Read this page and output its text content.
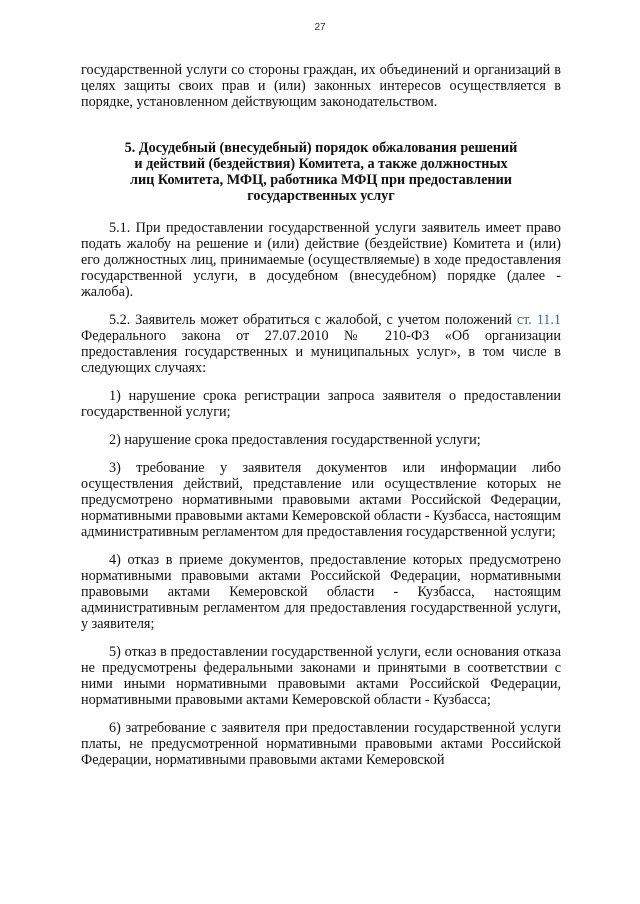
27

государственной услуги со стороны граждан, их объединений и организаций в целях защиты своих прав и (или) законных интересов осуществляется в порядке, установленном действующим законодательством.

5. Досудебный (внесудебный) порядок обжалования решений
и действий (бездействия) Комитета, а также должностных
лиц Комитета, МФЦ, работника МФЦ при предоставлении
государственных услуг

5.1. При предоставлении государственной услуги заявитель имеет право подать жалобу на решение и (или) действие (бездействие) Комитета и (или) его должностных лиц, принимаемые (осуществляемые) в ходе предоставления государственной услуги, в досудебном (внесудебном) порядке (далее - жалоба).

5.2. Заявитель может обратиться с жалобой, с учетом положений ст. 11.1 Федерального закона от 27.07.2010 № 210-ФЗ «Об организации предоставления государственных и муниципальных услуг», в том числе в следующих случаях:

1) нарушение срока регистрации запроса заявителя о предоставлении государственной услуги;

2) нарушение срока предоставления государственной услуги;

3) требование у заявителя документов или информации либо осуществления действий, представление или осуществление которых не предусмотрено нормативными правовыми актами Российской Федерации, нормативными правовыми актами Кемеровской области - Кузбасса, настоящим административным регламентом для предоставления государственной услуги;

4) отказ в приеме документов, предоставление которых предусмотрено нормативными правовыми актами Российской Федерации, нормативными правовыми актами Кемеровской области - Кузбасса, настоящим административным регламентом для предоставления государственной услуги, у заявителя;

5) отказ в предоставлении государственной услуги, если основания отказа не предусмотрены федеральными законами и принятыми в соответствии с ними иными нормативными правовыми актами Российской Федерации, нормативными правовыми актами Кемеровской области - Кузбасса;

6) затребование с заявителя при предоставлении государственной услуги платы, не предусмотренной нормативными правовыми актами Российской Федерации, нормативными правовыми актами Кемеровской
